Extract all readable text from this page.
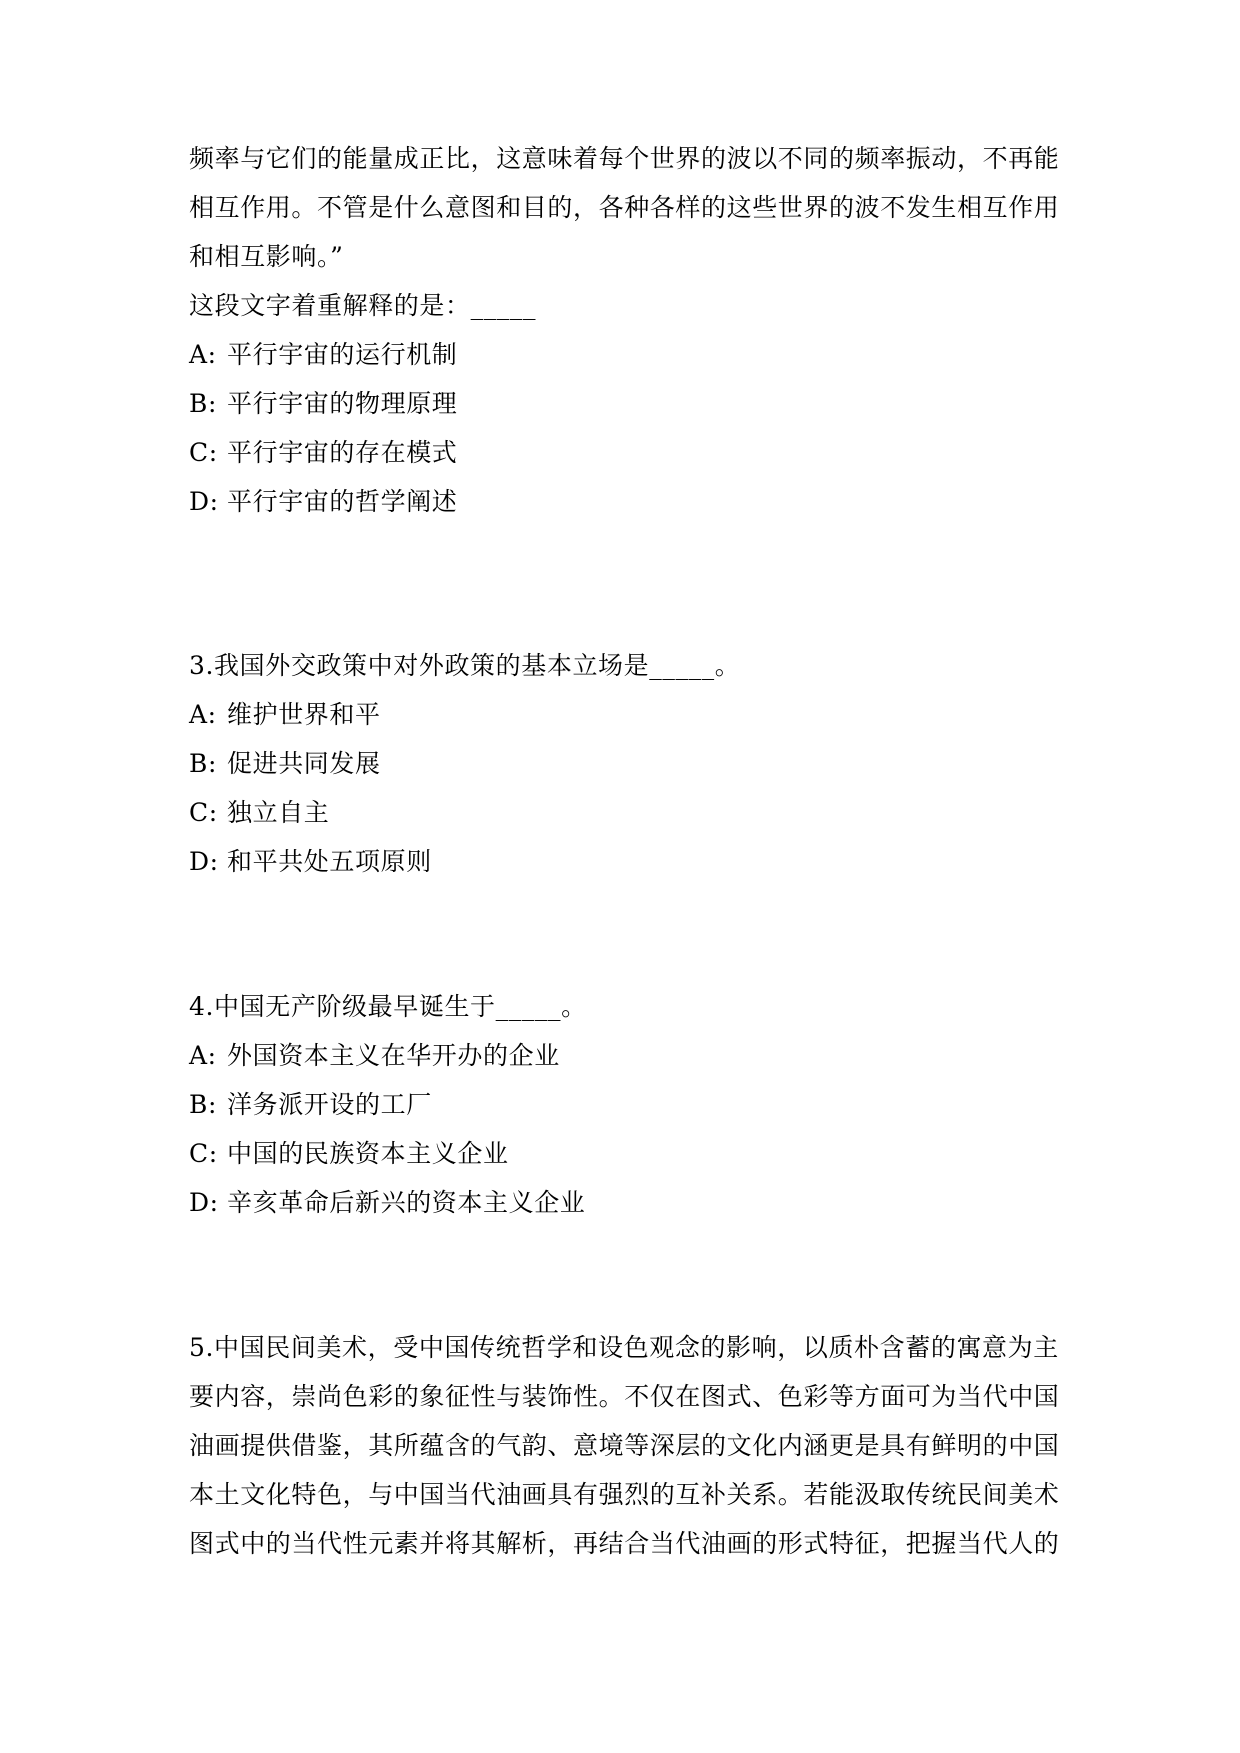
频率与它们的能量成正比，这意味着每个世界的波以不同的频率振动，不再能
相互作用。不管是什么意图和目的，各种各样的这些世界的波不发生相互作用
和相互影响。”
这段文字着重解释的是：_____
A: 平行宇宙的运行机制
B: 平行宇宙的物理原理
C: 平行宇宙的存在模式
D: 平行宇宙的哲学阐述
3.我国外交政策中对外政策的基本立场是_____。
A: 维护世界和平
B: 促进共同发展
C: 独立自主
D: 和平共处五项原则
4.中国无产阶级最早诞生于_____。
A: 外国资本主义在华开办的企业
B: 洋务派开设的工厂
C: 中国的民族资本主义企业
D: 辛亥革命后新兴的资本主义企业
5.中国民间美术，受中国传统哲学和设色观念的影响，以质朴含蓄的寓意为主
要内容，崇尚色彩的象征性与装饰性。不仅在图式、色彩等方面可为当代中国
油画提供借鉴，其所蕴含的气韵、意境等深层的文化内涵更是具有鲜明的中国
本土文化特色，与中国当代油画具有强烈的互补关系。若能汲取传统民间美术
图式中的当代性元素并将其解析，再结合当代油画的形式特征，把握当代人的
